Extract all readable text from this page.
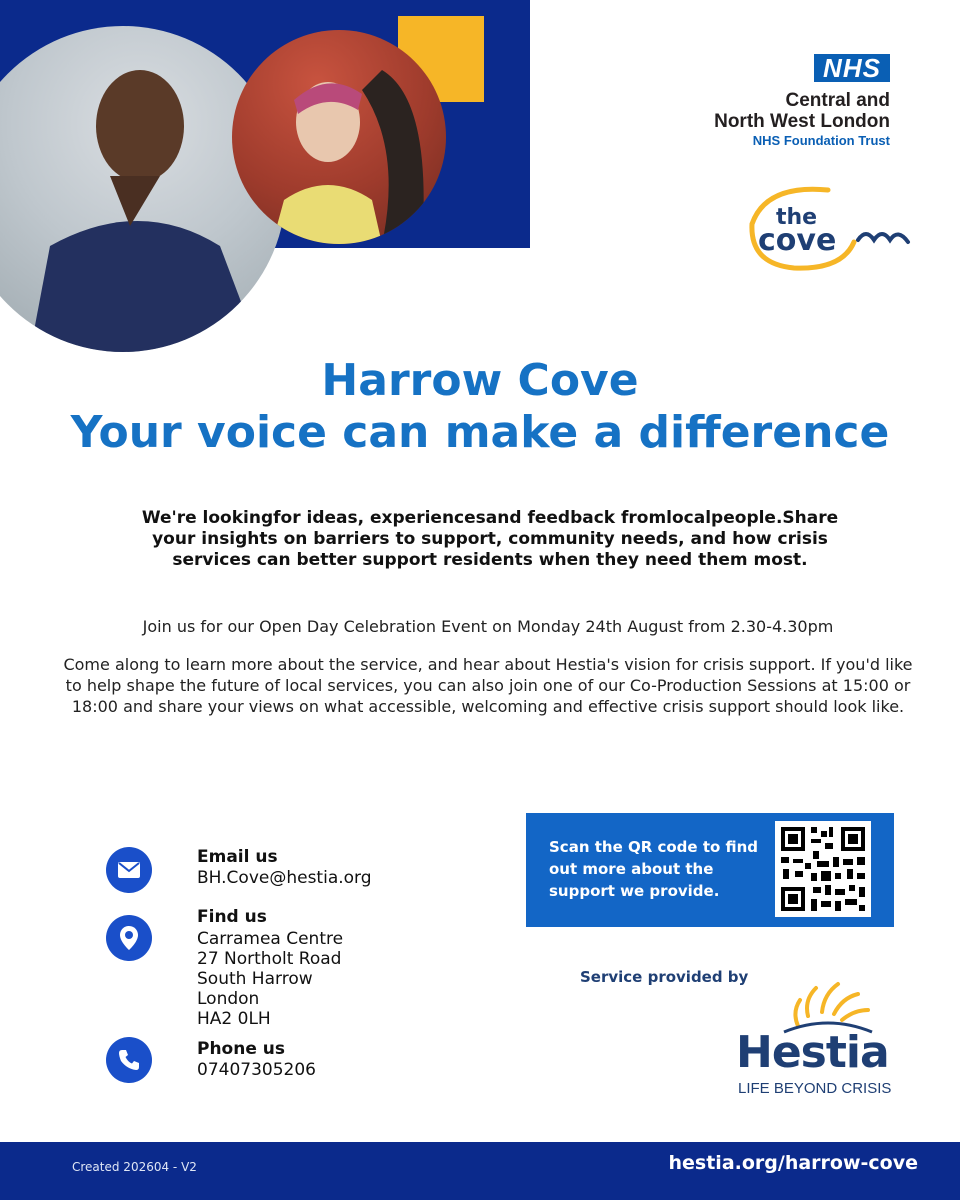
NHS
Central and
North West London
NHS Foundation Trust
the
cove
Harrow Cove
Your voice can make a difference
We're lookingfor ideas, experiencesand feedback fromlocalpeople.Share your insights on barriers to support, community needs, and how crisis services can better support residents when they need them most.
Join us for our Open Day Celebration Event on Monday 24th August from 2.30-4.30pm
Come along to learn more about the service, and hear about Hestia's vision for crisis support. If you'd like to help shape the future of local services, you can also join one of our Co-Production Sessions at 15:00 or 18:00 and share your views on what accessible, welcoming and effective crisis support should look like.
Email us
BH.Cove@hestia.org
Find us
Carramea Centre
27 Northolt Road
South Harrow
London
HA2 0LH
Phone us
07407305206
Scan the QR code to find out more about the support we provide.
Service provided by
Hestia
LIFE BEYOND CRISIS
Created 202604 - V2	hestia.org/harrow-cove
